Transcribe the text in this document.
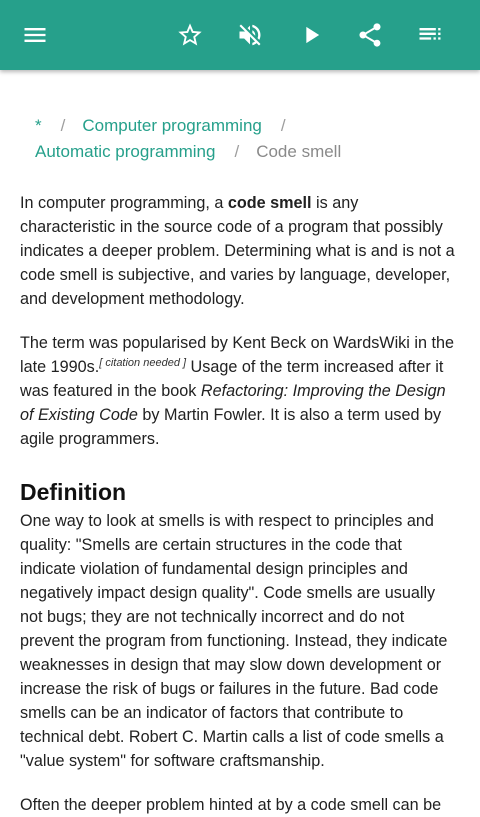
* / Computer programming /
Automatic programming / Code smell

In computer programming, a code smell is any characteristic in the source code of a program that possibly indicates a deeper problem. Determining what is and is not a code smell is subjective, and varies by language, developer, and development methodology.

The term was popularised by Kent Beck on WardsWiki in the late 1990s.[ citation needed ] Usage of the term increased after it was featured in the book Refactoring: Improving the Design of Existing Code by Martin Fowler. It is also a term used by agile programmers.

Definition

One way to look at smells is with respect to principles and quality: "Smells are certain structures in the code that indicate violation of fundamental design principles and negatively impact design quality". Code smells are usually not bugs; they are not technically incorrect and do not prevent the program from functioning. Instead, they indicate weaknesses in design that may slow down development or increase the risk of bugs or failures in the future. Bad code smells can be an indicator of factors that contribute to technical debt. Robert C. Martin calls a list of code smells a "value system" for software craftsmanship.

Often the deeper problem hinted at by a code smell can be
